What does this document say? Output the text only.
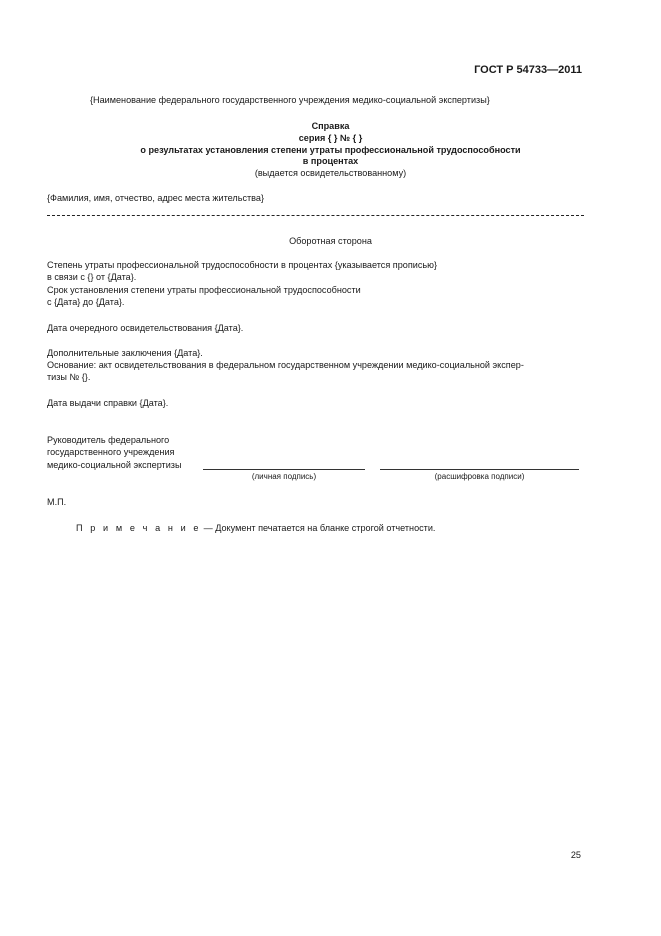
ГОСТ Р 54733—2011
{Наименование федерального государственного учреждения медико-социальной экспертизы}
Справка
серия { } № { }
о результатах установления степени утраты профессиональной трудоспособности
в процентах
(выдается освидетельствованному)
{Фамилия, имя, отчество, адрес места жительства}
Оборотная сторона
Степень утраты профессиональной трудоспособности в процентах {указывается прописью}
в связи с {} от {Дата}.
Срок установления степени утраты профессиональной трудоспособности
с {Дата} до {Дата}.
Дата очередного освидетельствования {Дата}.
Дополнительные заключения {Дата}.
Основание: акт освидетельствования в федеральном государственном учреждении медико-социальной экспер-
тизы № {}.
Дата выдачи справки {Дата}.
Руководитель федерального
государственного учреждения
медико-социальной экспертизы
(личная подпись)	(расшифровка подписи)
М.П.
П р и м е ч а н и е — Документ печатается на бланке строгой отчетности.
25
